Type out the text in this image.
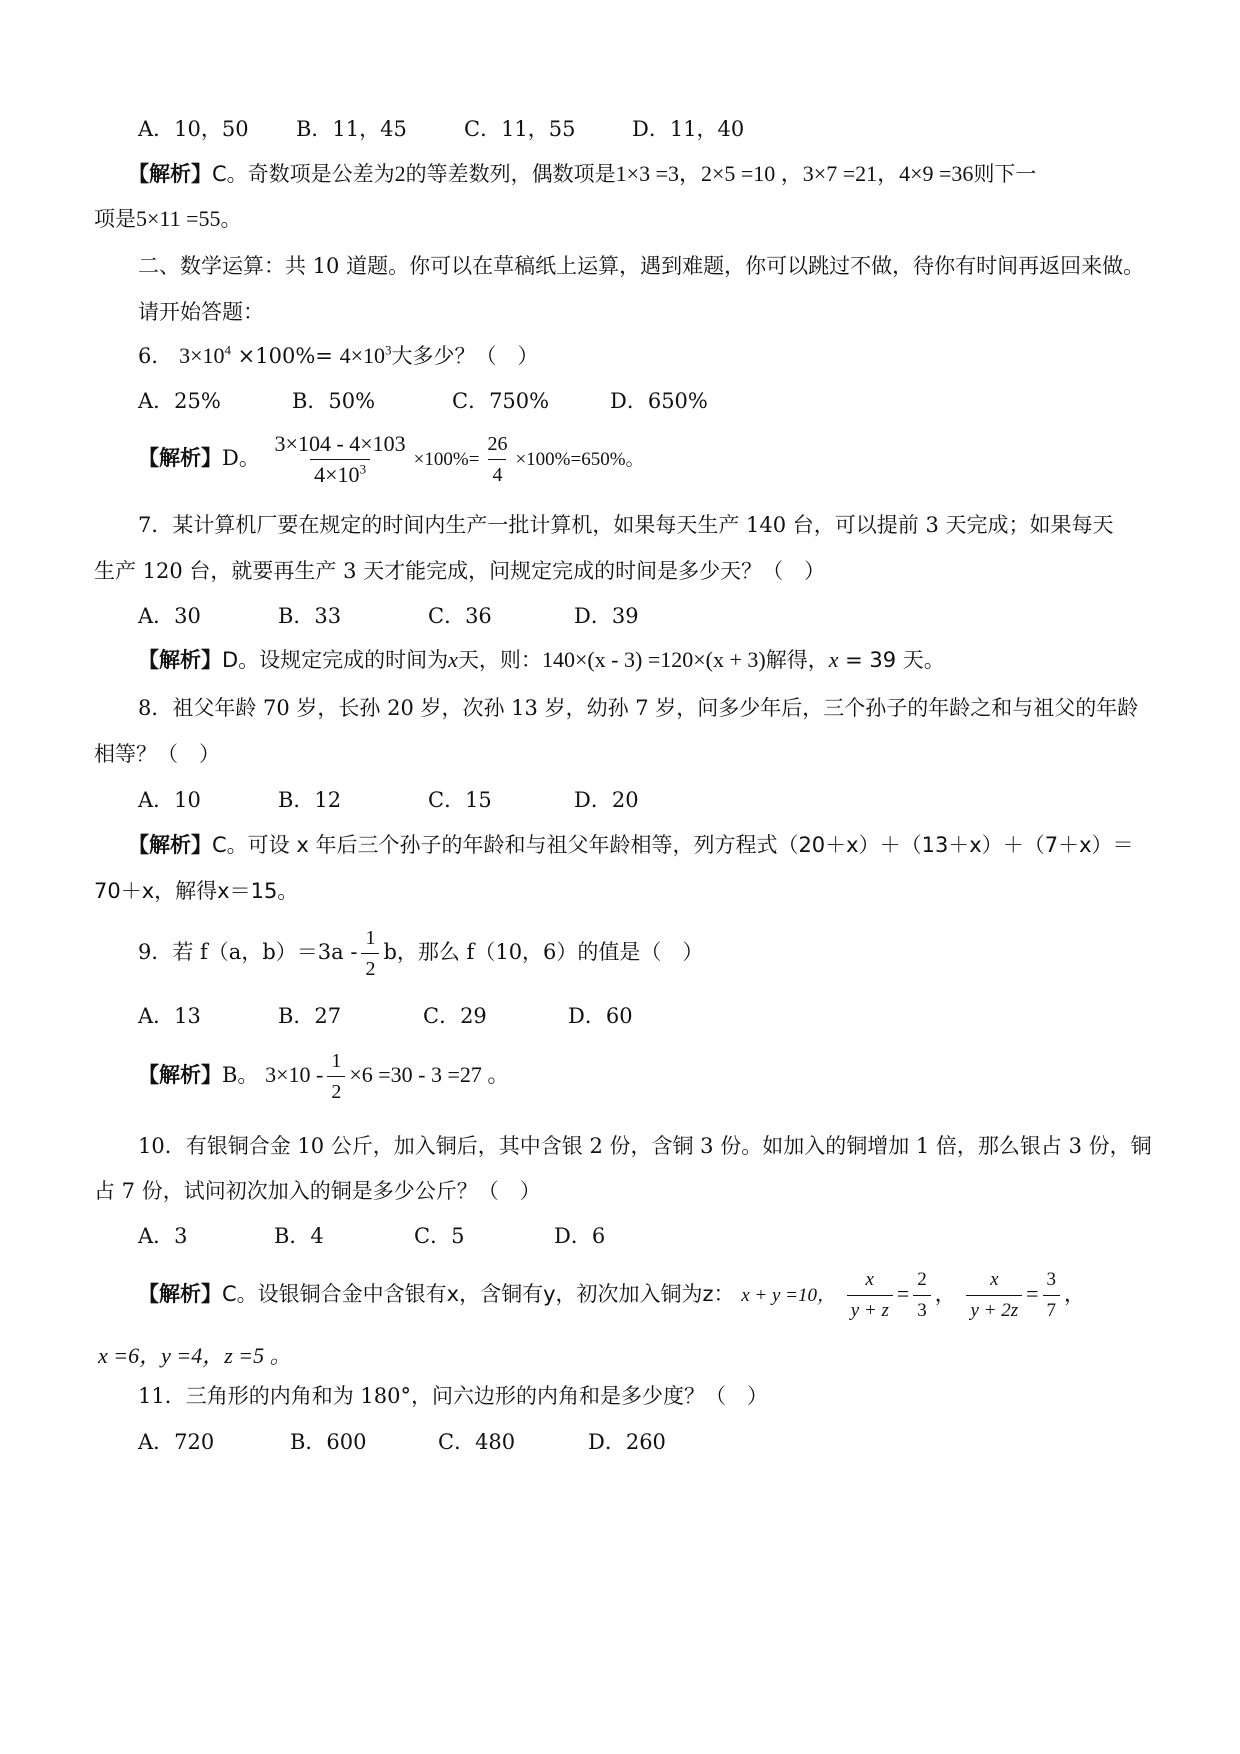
A．10，50 B．11，45	C．11，55	D．11，40
【解析】C。奇数项是公差为2的等差数列，偶数项是1×3 =3，2×5 =10 ，3×7 =21，4×9 =36则下一
项是5×11 =55。
二、数学运算：共 10 道题。你可以在草稿纸上运算，遇到难题，你可以跳过不做，待你有时间再返回来做。
请开始答题：
6． $3\times 10^4 \times 100\%= 4\times 10^3$大多少？（　）
A．25%	B．50%	C．750%	D．650%
【解析】D。 $\frac{3\times 104 - 4\times 103}{4\times 10^3} \times 100\%= \frac{26}{4} \times 100\%=650\%$。
7．某计算机厂要在规定的时间内生产一批计算机，如果每天生产 140 台，可以提前 3 天完成；如果每天
生产 120 台，就要再生产 3 天才能完成，问规定完成的时间是多少天？（　）
A．30	B．33	C．36	D．39
【解析】D。设规定完成的时间为x天，则：140×(x - 3) =120×(x + 3)解得，x = 39 天。
8．祖父年龄 70 岁，长孙 20 岁，次孙 13 岁，幼孙 7 岁，问多少年后，三个孙子的年龄之和与祖父的年龄
相等？（　）
A．10	B．12	C．15	D．20
【解析】C。可设 x 年后三个孙子的年龄和与祖父年龄相等，列方程式（20＋x）＋（13＋x）＋（7＋x）＝
70＋x，解得x＝15。
9．若 f（a，$b)=3a - \frac{1}{2}$ b，那么 f（10，6）的值是（　）
A．13	B．27	C．29	D．60
【解析】B。 $3\times 10 - \frac{1}{2} \times 6 =30 - 3 =27$ 。
10．有银铜合金 10 公斤，加入铜后，其中含银 2 份，含铜 3 份。如加入的铜增加 1 倍，那么银占 3 份，铜
占 7 份，试问初次加入的铜是多少公斤？（　）
A．3	B．4	C．5	D．6
【解析】C。设银铜合金中含银有x，含铜有y，初次加入铜为z： x + y =10， $\frac{x}{y + z} = \frac{2}{3}$ ， $\frac{x}{y + 2z} = \frac{3}{7}$ ，
x =6，y =4，z =5 。
11．三角形的内角和为 180°，问六边形的内角和是多少度？（　）
A．720	B．600	C．480	D．260
